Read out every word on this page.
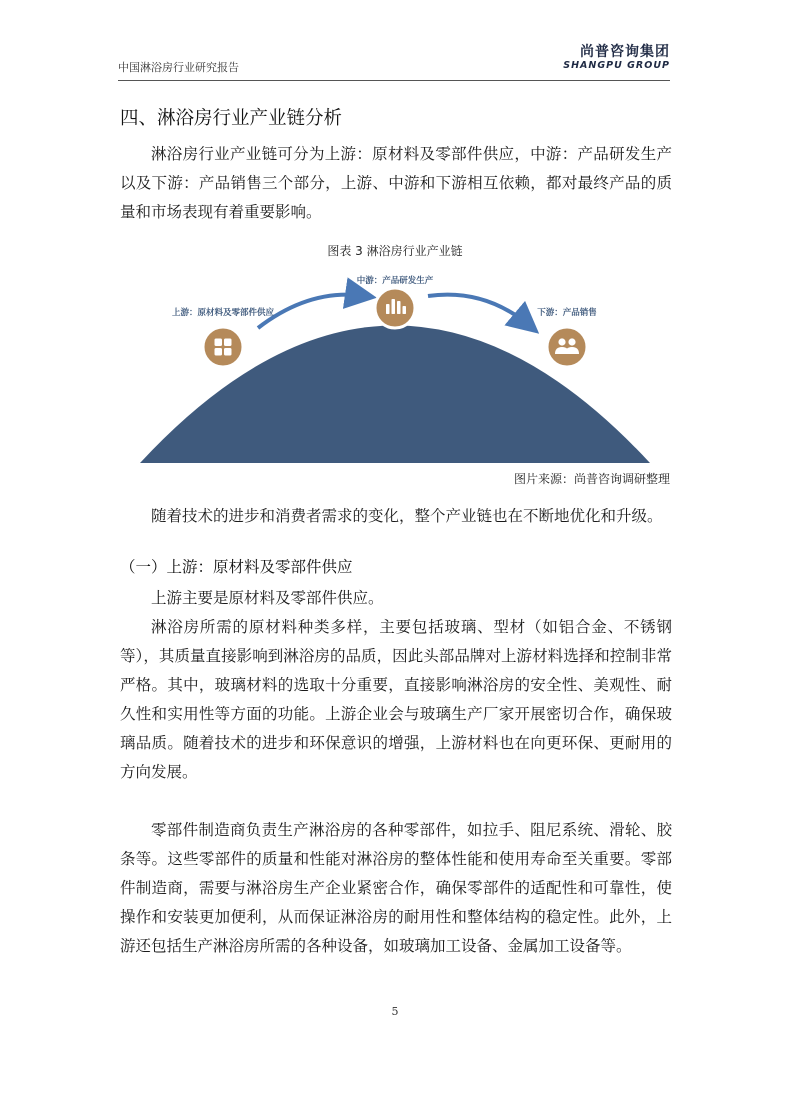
中国淋浴房行业研究报告
尚普咨询集团
SHANGPU GROUP
四、淋浴房行业产业链分析

淋浴房行业产业链可分为上游：原材料及零部件供应，中游：产品研发生产以及下游：产品销售三个部分，上游、中游和下游相互依赖，都对最终产品的质量和市场表现有着重要影响。

图表 3 淋浴房行业产业链
上游：原材料及零部件供应
中游：产品研发生产
下游：产品销售
图片来源：尚普咨询调研整理

随着技术的进步和消费者需求的变化，整个产业链也在不断地优化和升级。

（一）上游：原材料及零部件供应

上游主要是原材料及零部件供应。

淋浴房所需的原材料种类多样，主要包括玻璃、型材（如铝合金、不锈钢等），其质量直接影响到淋浴房的品质，因此头部品牌对上游材料选择和控制非常严格。其中，玻璃材料的选取十分重要，直接影响淋浴房的安全性、美观性、耐久性和实用性等方面的功能。上游企业会与玻璃生产厂家开展密切合作，确保玻璃品质。随着技术的进步和环保意识的增强，上游材料也在向更环保、更耐用的方向发展。

零部件制造商负责生产淋浴房的各种零部件，如拉手、阻尼系统、滑轮、胶条等。这些零部件的质量和性能对淋浴房的整体性能和使用寿命至关重要。零部件制造商，需要与淋浴房生产企业紧密合作，确保零部件的适配性和可靠性，使操作和安装更加便利，从而保证淋浴房的耐用性和整体结构的稳定性。此外，上游还包括生产淋浴房所需的各种设备，如玻璃加工设备、金属加工设备等。

5
